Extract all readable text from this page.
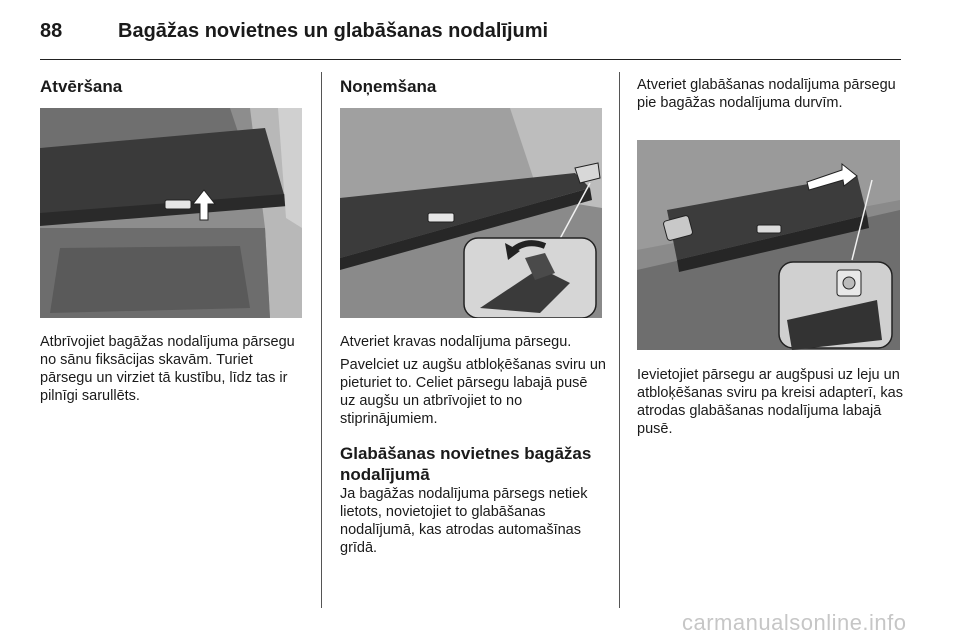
88	Bagāžas novietnes un glabāšanas nodalījumi
Atvēršana
Atbrīvojiet bagāžas nodalījuma pārsegu no sānu fiksācijas skavām. Turiet pārsegu un virziet tā kustību, līdz tas ir pilnīgi sarullēts.
Noņemšana
Atveriet kravas nodalījuma pārsegu.
Pavelciet uz augšu atbloķēšanas sviru un pieturiet to. Celiet pārsegu labajā pusē uz augšu un atbrīvojiet to no stiprinājumiem.
Glabāšanas novietnes bagāžas nodalījumā
Ja bagāžas nodalījuma pārsegs netiek lietots, novietojiet to glabāšanas nodalījumā, kas atrodas automašīnas grīdā.
Atveriet glabāšanas nodalījuma pārsegu pie bagāžas nodalījuma durvīm.
Ievietojiet pārsegu ar augšpusi uz leju un atbloķēšanas sviru pa kreisi adapterī, kas atrodas glabāšanas nodalījuma labajā pusē.
carmanualsonline.info
